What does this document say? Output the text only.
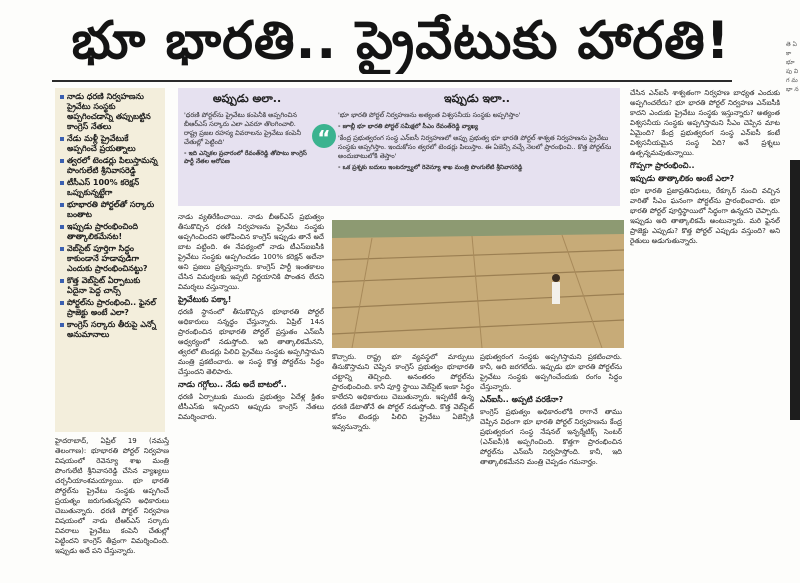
భూ భారతి.. ప్రైవేటుకు హారతి!
నాడు ధరణి నిర్వహణను ప్రైవేటు సంస్థకు అప్పగించడాన్ని తప్పుబట్టిన కాంగ్రెస్ నేతలు
నేడు మళ్లీ ప్రైవేటుకే అప్పగించే ప్రయత్నాలు
త్వరలో టెండర్లు పిలుస్తామన్న పొంగులేటి శ్రీనివాసరెడ్డి
టీసీఎస్‌ 100% కరెక్షన్‌ ఒప్పుకున్నట్టేగా
భూభారతి పోర్టల్‌తో సర్కారు బంతాట
ఇప్పుడు ప్రారంభించింది తాత్కాలికమేనట!
వెబ్‌సైట్ పూర్తిగా సిద్ధం కాకుండానే హడావుడిగా ఎందుకు ప్రారంభించినట్టు?
కొత్త వెబ్‌సైట్ ఏర్పాటుకు ఏదైనా పెద్ద చాన్స్
పోర్టల్‌ను ప్రారంభించి.. ఫైనల్ ప్రాజెక్టు అంటే ఎలా?
కాంగ్రెస్ సర్కారు తీరుపై ఎన్నో అనుమానాలు
అప్పుడు అలా..

'ధరణి పోర్టల్‌ను ప్రైవేటు కంపెనీకి అప్పగించిన బీఆర్ఎస్ సర్కారు ఎలా ఎవరూ తొలగించాలి. రాష్ట్ర ప్రజల రహస్య వివరాలను ప్రైవేటు కంపెనీ చేతుల్లో పెట్టింది'

- ఇది ఎన్నికల ప్రచారంలో రేవంత్‌రెడ్డి తోపాటు కాంగ్రెస్ పార్టీ నేతల ఆరోపణ
“
ఇప్పుడు ఇలా..

'భూ భారతి పోర్టల్ నిర్వహణను అత్యంత విశ్వసనీయ సంస్థకు అప్పగిస్తాం'

- జూబ్లీ భూ భారతి పోర్టల్ సమీక్షలో సీఎం రేవంత్‌రెడ్డి వ్యాఖ్య

'కేంద్ర ప్రభుత్వరంగ సంస్థ ఎన్ఐసీ నిర్వహణలో అప్పు ప్రభుత్వ భూ భారతి పోర్టల్ శాశ్వత నిర్వహణను ప్రైవేటు సంస్థకు అప్పగిస్తాం. ఇందుకోసం త్వరలో టెండర్లు పిలుస్తాం. ఈ ఏజెన్సీ వచ్చే నెలలో ప్రారంభించి.. కొత్త పోర్టల్‌ను అందుబాటులోకి తెస్తాం'

- ఒక ప్రశ్నకు బదులు ఇంటర్వ్యూలో రెవెన్యూ శాఖ మంత్రి పొంగులేటి శ్రీనివాసరెడ్డి

హైదరాబాద్, ఏప్రిల్ 19 (నమస్తే తెలంగాణ): భూభారతి పోర్టల్ నిర్వహణ విషయంలో రెవెన్యూ శాఖ మంత్రి పొంగులేటి శ్రీనివాసరెడ్డి చేసిన వ్యాఖ్యలు చర్చనీయాంశమయ్యాయి. భూ భారతి పోర్టల్‌ను ప్రైవేటు సంస్థకు అప్పగించే ప్రయత్నం జరుగుతున్నదని అధికారులు చెబుతున్నారు. ధరణి పోర్టల్ నిర్వహణ విషయంలో నాడు టీఆర్ఎస్ సర్కారు వివరాలు ప్రైవేటు కంపెనీ చేతుల్లో పెట్టిందని కాంగ్రెస్ తీవ్రంగా విమర్శించింది. ఇప్పుడు అదే పని చేస్తున్నారు.

నాడు వ్యతిరేకించాయి. నాడు బీఆర్ఎస్ ప్రభుత్వం తీసుకొచ్చిన ధరణి నిర్వహణను ప్రైవేటు సంస్థకు అప్పగించిందని ఆరోపించిన కాంగ్రెస్ ఇప్పుడు తానే అదే బాట పట్టింది. ఈ నేపథ్యంలో నాడు టీఎస్ఐఐసీకి ప్రైవేటు సంస్థకు అప్పగించడం 100% కరెక్షన్‌ అదేనా అని ప్రజలు ప్రశ్నిస్తున్నారు. కాంగ్రెస్ పార్టీ ఇంతకాలం చేసిన విమర్శలకు ఇప్పటి నిర్ణయానికి పొంతన లేదని విమర్శలు వస్తున్నాయి.

ప్రైవేటుకు పక్కా!

ధరణి స్థానంలో తీసుకొచ్చిన భూభారతి పోర్టల్ అధికారులు సన్నద్ధం చేస్తున్నారు. ఏప్రిల్ 14న ప్రారంభించిన భూభారతి పోర్టల్ ప్రస్తుతం ఎన్ఐసీ ఆధ్వర్యంలో నడుస్తోంది. ఇది తాత్కాలికమేనని, త్వరలో టెండర్లు పిలిచి ప్రైవేటు సంస్థకు అప్పగిస్తామని మంత్రి ప్రకటించారు. ఆ సంస్థ కొత్త పోర్టల్‌ను సిద్ధం చేస్తుందని తెలిపారు.

నాడు గగ్గోలు.. నేడు అదే బాటలో..

ధరణి ఏర్పాటుకు ముందు ప్రభుత్వం ఏదేళ్ల క్రితం టీసీఎస్‌కు ఇచ్చిందని అప్పుడు కాంగ్రెస్ నేతలు విమర్శించారు.

కొచ్చారు. రాష్ట్ర భూ వ్యవస్థలో మార్పులు తీసుకొస్తామని చెప్పిన కాంగ్రెస్ ప్రభుత్వం భూభారతి చట్టాన్ని తెచ్చింది. అనంతరం పోర్టల్‌ను ప్రారంభించింది. కానీ పూర్తి స్థాయి వెబ్‌సైట్ ఇంకా సిద్ధం కాలేదని అధికారులు చెబుతున్నారు. ఇప్పటికే ఉన్న ధరణి డేటాతోనే ఈ పోర్టల్ నడుస్తోంది. కొత్త వెబ్‌సైట్ కోసం టెండర్లు పిలిచి ప్రైవేటు ఏజెన్సీకి ఇవ్వనున్నారు.

ప్రభుత్వరంగ సంస్థకు అప్పగిస్తామని ప్రకటించారు. కానీ, అది జరగలేదు. ఇప్పుడు భూ భారతి పోర్టల్‌ను ప్రైవేటు సంస్థకు అప్పగించేందుకు రంగం సిద్ధం చేస్తున్నారు.

ఎన్ఐసీ.. అప్పటి వరకేనా?

కాంగ్రెస్ ప్రభుత్వం అధికారంలోకి రాగానే తాము చెప్పిన విధంగా భూ భారతి పోర్టల్ నిర్వహణను కేంద్ర ప్రభుత్వరంగ సంస్థ నేషనల్ ఇన్ఫర్మేటిక్స్ సెంటర్ (ఎన్ఐసీ)కి అప్పగించింది. కొత్తగా ప్రారంభించిన పోర్టల్‌ను ఎన్ఐసీ నిర్వహిస్తోంది. కానీ, ఇది తాత్కాలికమేనని మంత్రి చెప్పడం గమనార్హం.

చేసిన ఎన్ఐసీ శాశ్వతంగా నిర్వహణ బాధ్యత ఎందుకు అప్పగించలేదు? భూ భారతి పోర్టల్ నిర్వహణ ఎన్ఐసీకి కాదని ఎందుకు ప్రైవేటు సంస్థకు ఇస్తున్నారు? అత్యంత విశ్వసనీయ సంస్థకు అప్పగిస్తామని సీఎం చెప్పిన మాట ఏమైంది? కేంద్ర ప్రభుత్వరంగ సంస్థ ఎన్ఐసీ కంటే విశ్వసనీయమైన సంస్థ ఏది? అనే ప్రశ్నలు ఉత్పన్నమవుతున్నాయి.

గొప్పగా ప్రారంభించి..
ఇప్పుడు తాత్కాలికం అంటే ఎలా?

భూ భారతి ప్రజాప్రతినిధులు, రేక్కూర్‌ నుంచి వచ్చిన వారితో సీఎం ఘనంగా పోర్టల్‌ను ప్రారంభించారు. భూ భారతి పోర్టల్ పూర్తిస్థాయిలో సిద్ధంగా ఉన్నదని చెప్పారు. ఇప్పుడు అది తాత్కాలికమే అంటున్నారు. మరి ఫైనల్ ప్రాజెక్టు ఎప్పుడు? కొత్త పోర్టల్ ఎప్పుడు వస్తుంది? అని రైతులు అడుగుతున్నారు.

తె ఏ కా భూ పు వి గ మ భా న
